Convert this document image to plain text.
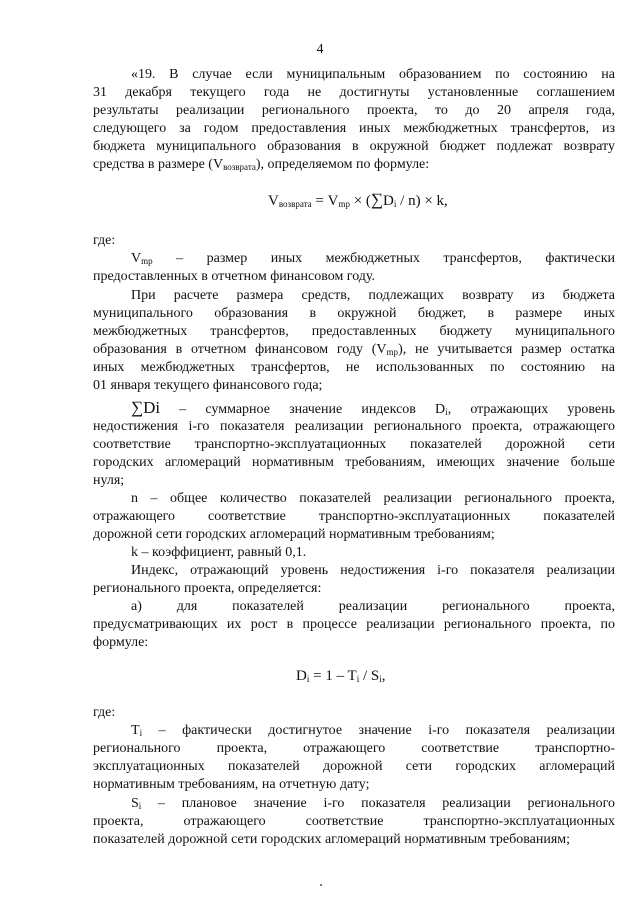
4
«19. В случае если муниципальным образованием по состоянию на
31 декабря текущего года не достигнуты установленные соглашением
результаты реализации регионального проекта, то до 20 апреля года,
следующего за годом предоставления иных межбюджетных трансфертов, из
бюджета муниципального образования в окружной бюджет подлежат возврату
средства в размере $(V_{возврата})$, определяемом по формуле:
$V_{возврата} = V_{mp} \times (\sum D_i / n) \times k$,
где:
$V_{mp}$ – размер иных межбюджетных трансфертов, фактически
предоставленных в отчетном финансовом году.
При расчете размера средств, подлежащих возврату из бюджета
муниципального образования в окружной бюджет, в размере иных
межбюджетных трансфертов, предоставленных бюджету муниципального
образования в отчетном финансовом году $(V_{mp})$, не учитывается размер остатка
иных межбюджетных трансфертов, не использованных по состоянию на
01 января текущего финансового года;
∑Di – суммарное значение индексов $D_i$, отражающих уровень
недостижения i-го показателя реализации регионального проекта, отражающего
соответствие транспортно-эксплуатационных показателей дорожной сети
городских агломераций нормативным требованиям, имеющих значение больше
нуля;
n – общее количество показателей реализации регионального проекта,
отражающего соответствие транспортно-эксплуатационных показателей
дорожной сети городских агломераций нормативным требованиям;
k – коэффициент, равный 0,1.
Индекс, отражающий уровень недостижения i-го показателя реализации
регионального проекта, определяется:
а) для показателей реализации регионального проекта,
предусматривающих их рост в процессе реализации регионального проекта, по
формуле:
$D_i = 1 - T_i / S_i$,
где:
$T_i$ – фактически достигнутое значение i-го показателя реализации
регионального проекта, отражающего соответствие транспортно-
эксплуатационных показателей дорожной сети городских агломераций
нормативным требованиям, на отчетную дату;
$S_i$ – плановое значение i-го показателя реализации регионального
проекта, отражающего соответствие транспортно-эксплуатационных
показателей дорожной сети городских агломераций нормативным требованиям;
